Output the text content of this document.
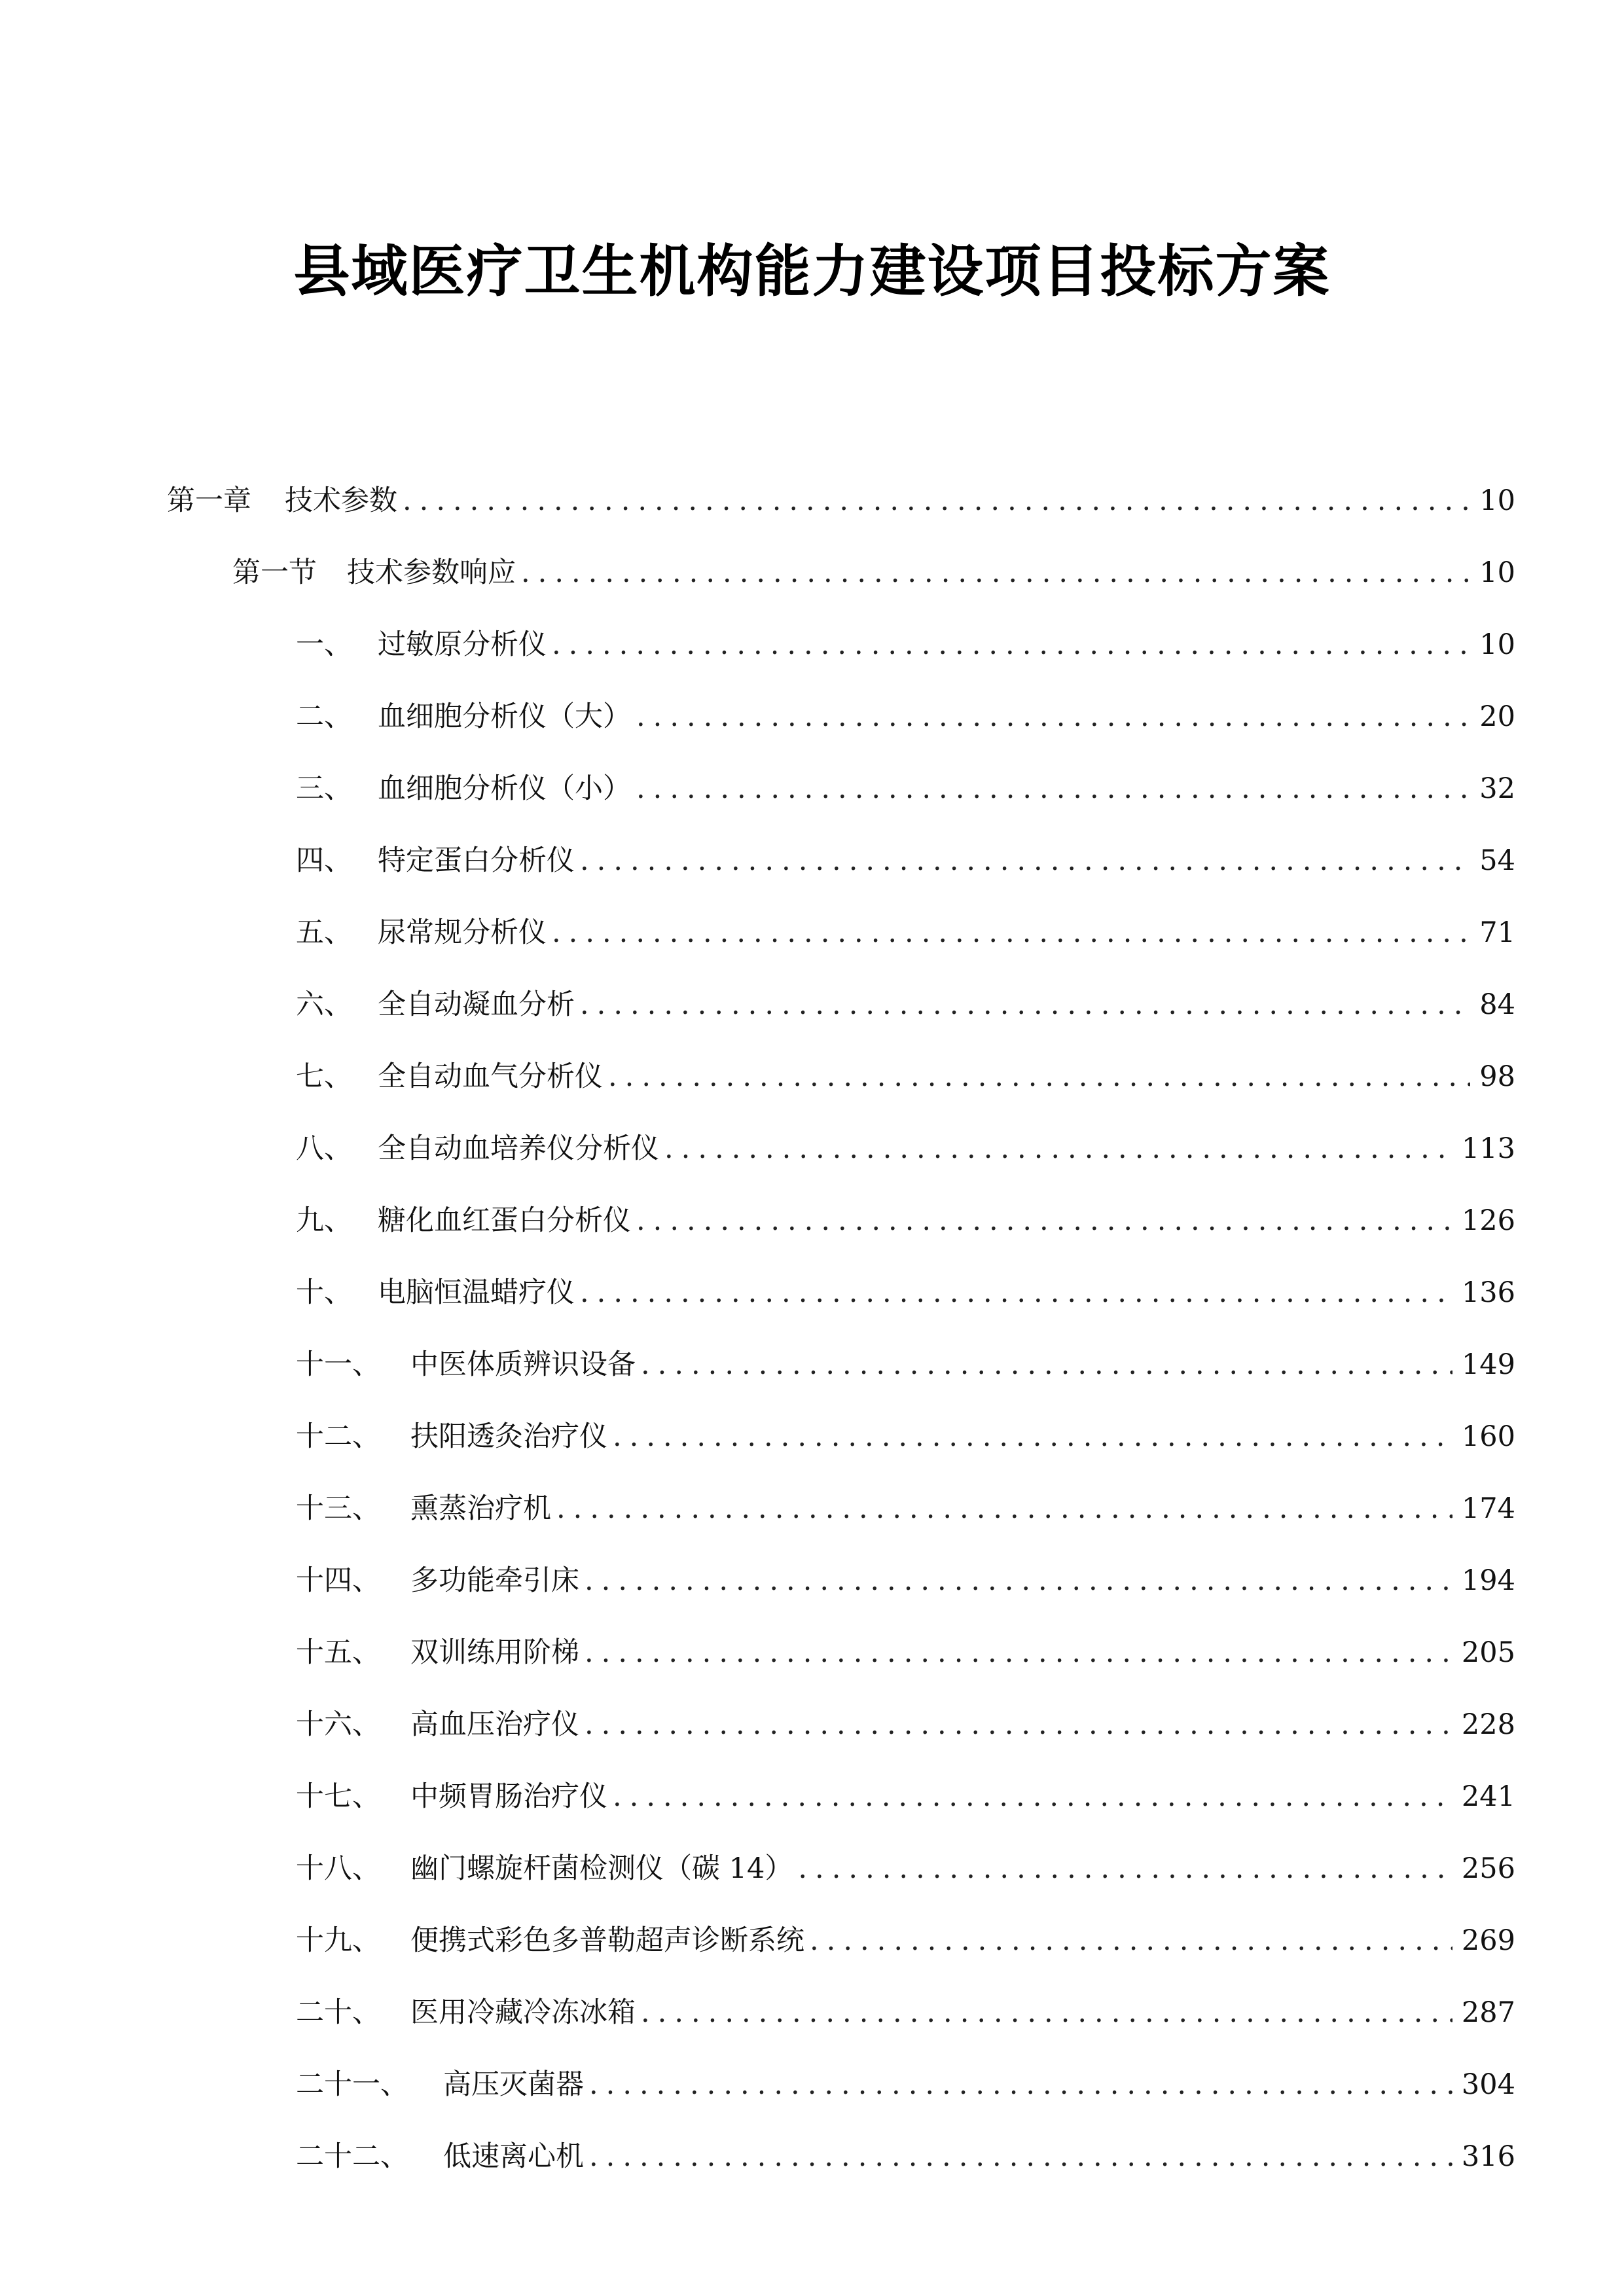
县域医疗卫生机构能力建设项目投标方案
第一章	技术参数 .....	10
第一节	技术参数响应 .....	10
一、 过敏原分析仪 .....	10
二、 血细胞分析仪（大） .....	20
三、 血细胞分析仪（小） .....	32
四、 特定蛋白分析仪 .....	54
五、 尿常规分析仪 .....	71
六、 全自动凝血分析 .....	84
七、 全自动血气分析仪 .....	98
八、 全自动血培养仪分析仪 .....	113
九、 糖化血红蛋白分析仪 .....	126
十、 电脑恒温蜡疗仪 .....	136
十一、	中医体质辨识设备 .....	149
十二、	扶阳透灸治疗仪 .....	160
十三、	熏蒸治疗机 .....	174
十四、	多功能牵引床 .....	194
十五、	双训练用阶梯 .....	205
十六、	高血压治疗仪 .....	228
十七、	中频胃肠治疗仪 .....	241
十八、	幽门螺旋杆菌检测仪（碳 14） .....	256
十九、	便携式彩色多普勒超声诊断系统 .....	269
二十、	医用冷藏冷冻冰箱 .....	287
二十一、	高压灭菌器 .....	304
二十二、	低速离心机 .....	316
